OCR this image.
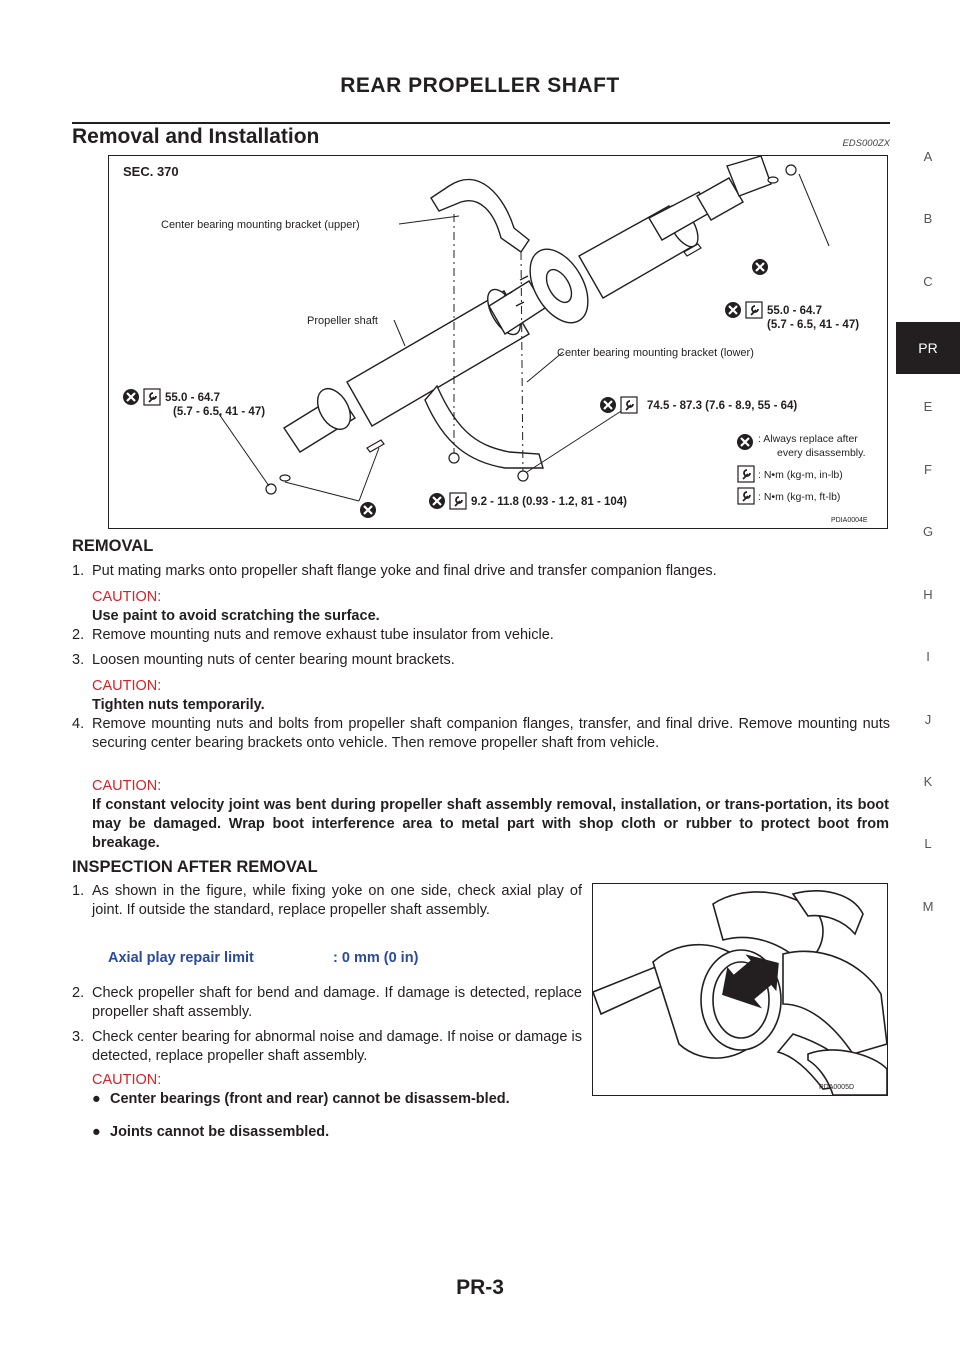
REAR PROPELLER SHAFT
Removal and Installation	EDS000ZX
A
B
C
PR
E
F
G
H
I
J
K
L
M
55.0 - 64.7
(5.7 - 6.5, 41 - 47)
55.0 - 64.7
(5.7 - 6.5, 41 - 47)	74.5 - 87.3 (7.6 - 8.9, 55 - 64)
9.2 - 11.8 (0.93 - 1.2, 81 - 104)
SEC. 370
Center bearing mounting bracket (upper)
Propeller shaft
Center bearing mounting bracket (lower)
: Always replace after
every disassembly.
: N•m (kg-m, in-lb)
: N•m (kg-m, ft-lb)
PDIA0004E
REMOVAL
1. Put mating marks onto propeller shaft flange yoke and final drive and transfer companion flanges.
CAUTION:
Use paint to avoid scratching the surface.
2. Remove mounting nuts and remove exhaust tube insulator from vehicle.
3. Loosen mounting nuts of center bearing mount brackets.
CAUTION:
Tighten nuts temporarily.
4. Remove mounting nuts and bolts from propeller shaft companion flanges, transfer, and final drive. Remove mounting nuts securing center bearing brackets onto vehicle. Then remove propeller shaft from vehicle.
CAUTION:
If constant velocity joint was bent during propeller shaft assembly removal, installation, or trans-portation, its boot may be damaged. Wrap boot interference area to metal part with shop cloth or rubber to protect boot from breakage.
INSPECTION AFTER REMOVAL
1. As shown in the figure, while fixing yoke on one side, check axial play of joint. If outside the standard, replace propeller shaft assembly.
Axial play repair limit	: 0 mm (0 in)
2. Check propeller shaft for bend and damage. If damage is detected, replace propeller shaft assembly.
3. Check center bearing for abnormal noise and damage. If noise or damage is detected, replace propeller shaft assembly.
CAUTION:
● Center bearings (front and rear) cannot be disassem-bled.
● Joints cannot be disassembled.
PDA0005D
PR-3
